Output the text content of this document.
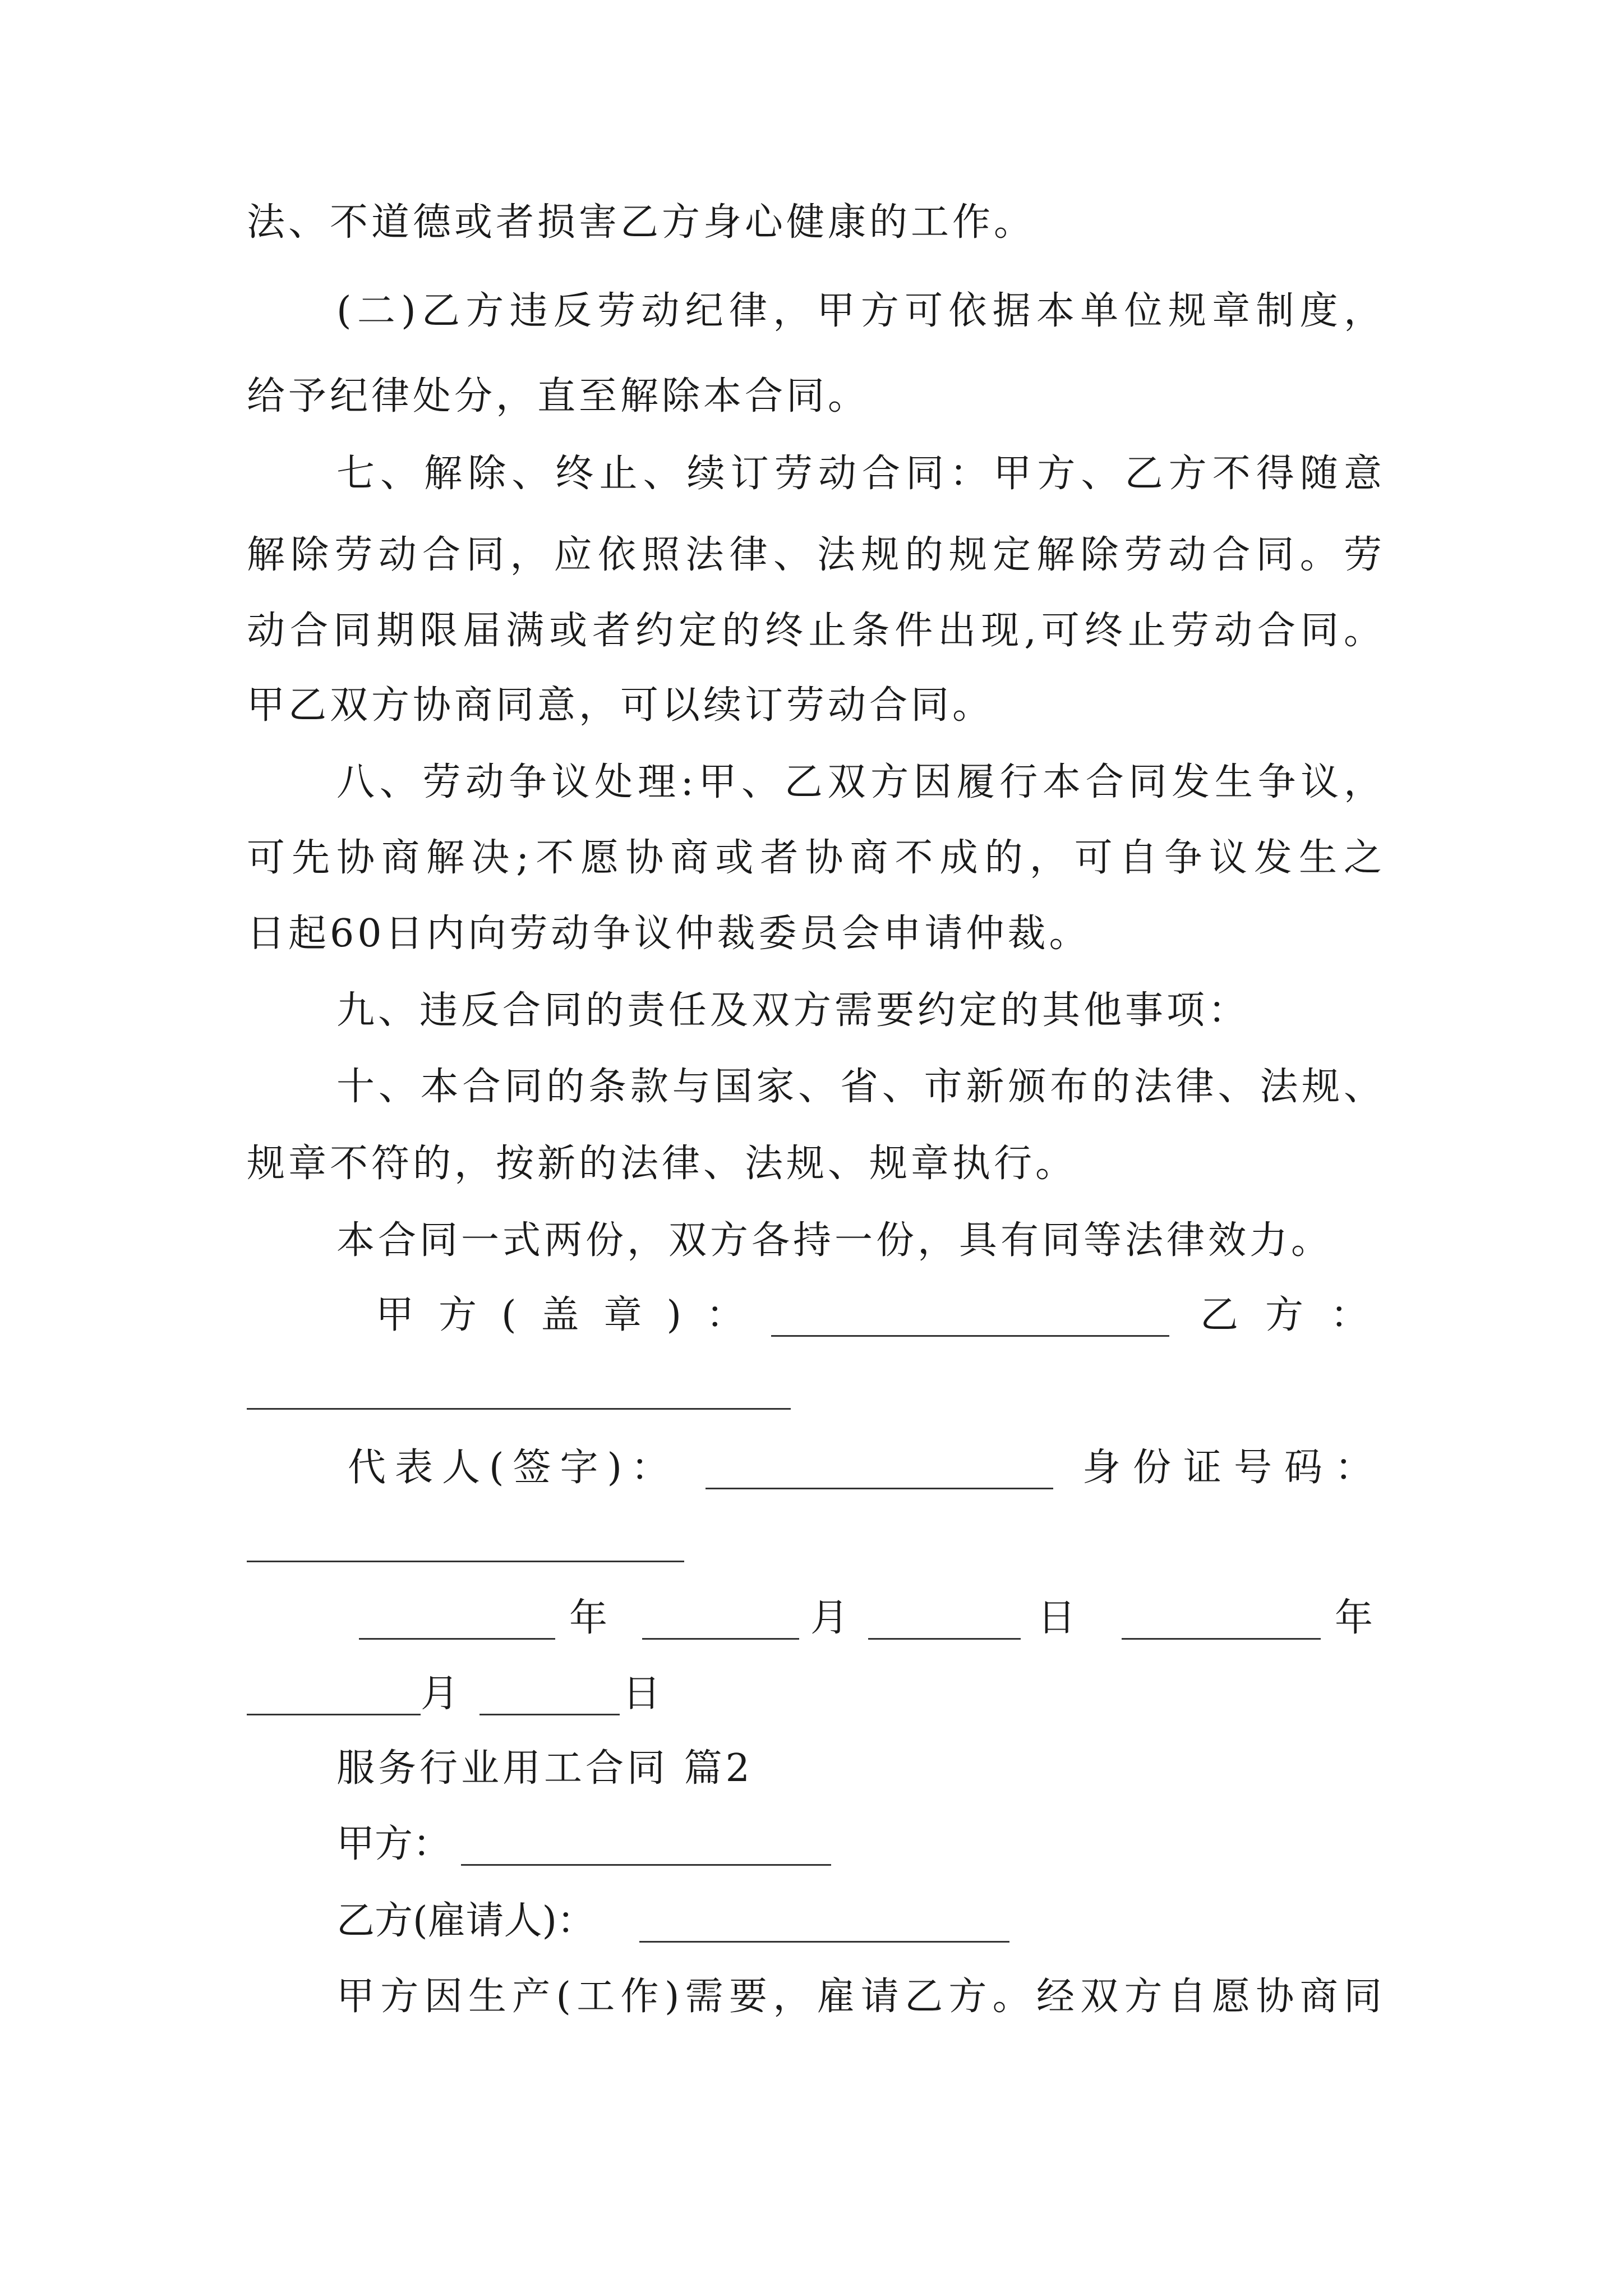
法、不道德或者损害乙方身心健康的工作。
(二)乙方违反劳动纪律，甲方可依据本单位规章制度，
给予纪律处分，直至解除本合同。
七、解除、终止、续订劳动合同：甲方、乙方不得随意
解除劳动合同，应依照法律、法规的规定解除劳动合同。劳
动合同期限届满或者约定的终止条件出现,可终止劳动合同。
甲乙双方协商同意，可以续订劳动合同。
八、劳动争议处理:甲、乙双方因履行本合同发生争议，
可先协商解决;不愿协商或者协商不成的，可自争议发生之
日起60日内向劳动争议仲裁委员会申请仲裁。
九、违反合同的责任及双方需要约定的其他事项：
十、本合同的条款与国家、省、市新颁布的法律、法规、
规章不符的，按新的法律、法规、规章执行。
本合同一式两份，双方各持一份，具有同等法律效力。
甲方(盖章)：	乙方：
代表人(签字)：	身份证号码：
年	月	日	年
月	日
服务行业用工合同 篇2
甲方：
乙方(雇请人)：
甲方因生产(工作)需要，雇请乙方。经双方自愿协商同
